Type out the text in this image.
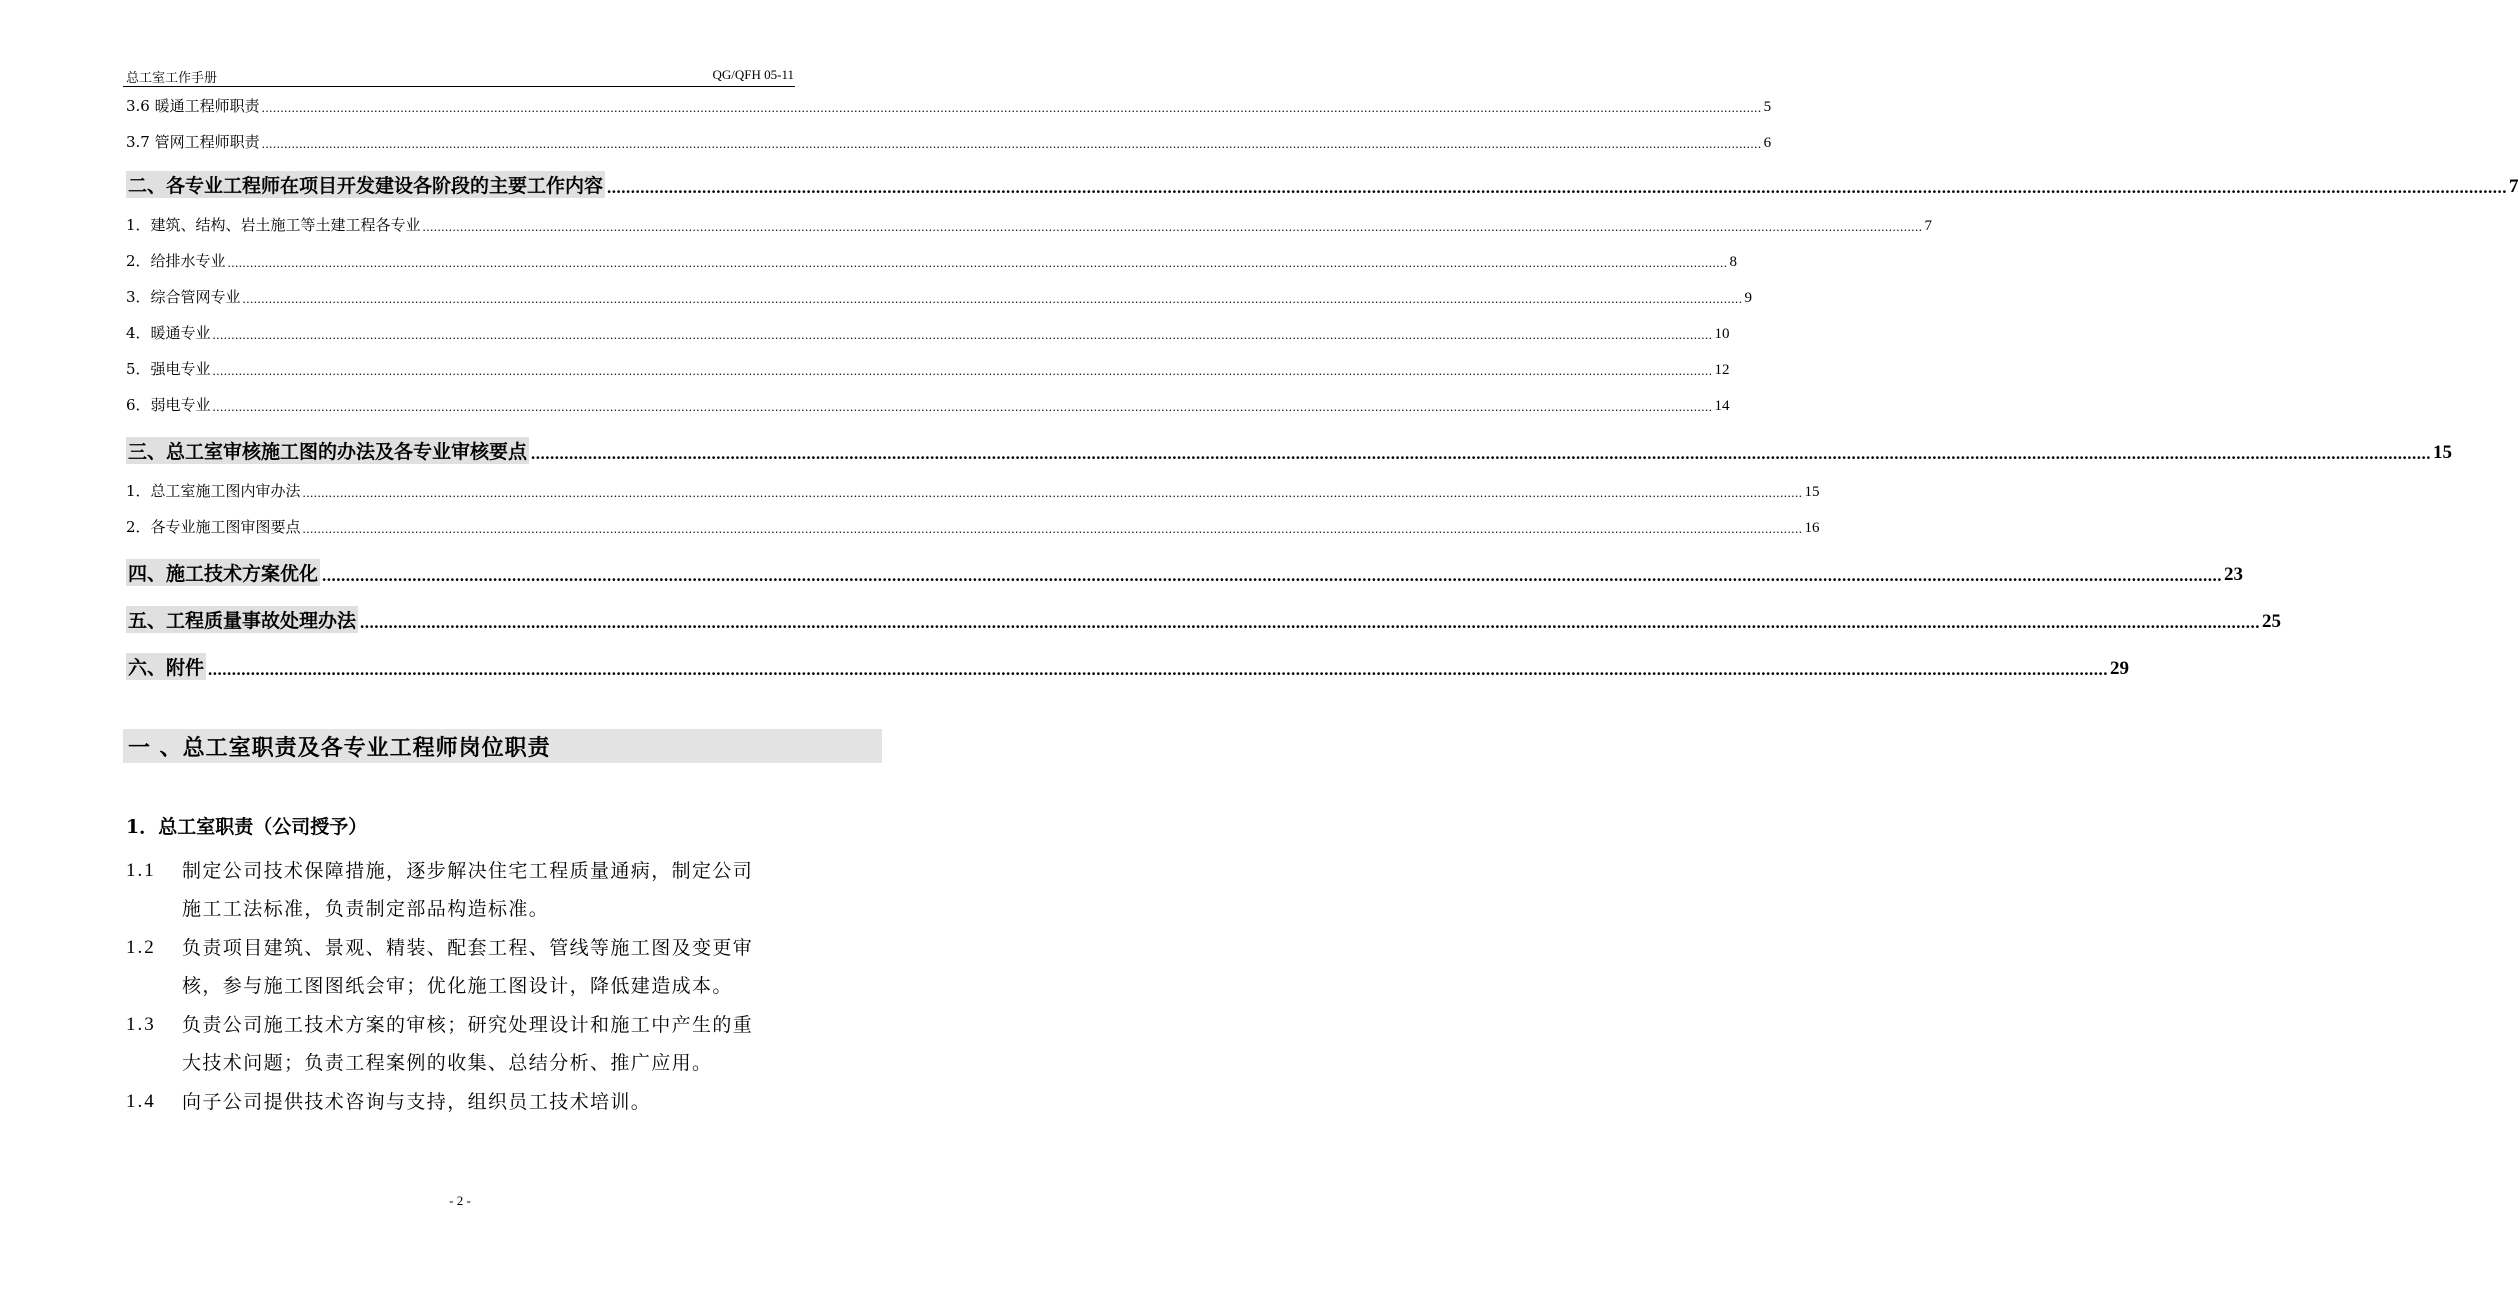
总工室工作手册	QG/QFH 05-11
3.6 暖通工程师职责 ................................................................................................................................................................................................................................................................................................................................................................................................................ 5
3.7 管网工程师职责 ................................................................................................................................................................................................................................................................................................................................................................................................................ 6
二、各专业工程师在项目开发建设各阶段的主要工作内容 ................................................................................................................................................................................................................................................................................................................................................................................................................ 7
1．建筑、结构、岩土施工等土建工程各专业 ................................................................................................................................................................................................................................................................................................................................................................................................................ 7
2．给排水专业 ................................................................................................................................................................................................................................................................................................................................................................................................................ 8
3．综合管网专业 ................................................................................................................................................................................................................................................................................................................................................................................................................ 9
4．暖通专业 ................................................................................................................................................................................................................................................................................................................................................................................................................ 10
5．强电专业 ................................................................................................................................................................................................................................................................................................................................................................................................................ 12
6．弱电专业 ................................................................................................................................................................................................................................................................................................................................................................................................................ 14
三、总工室审核施工图的办法及各专业审核要点 ................................................................................................................................................................................................................................................................................................................................................................................................................ 15
1．总工室施工图内审办法 ................................................................................................................................................................................................................................................................................................................................................................................................................ 15
2．各专业施工图审图要点 ................................................................................................................................................................................................................................................................................................................................................................................................................ 16
四、施工技术方案优化 ................................................................................................................................................................................................................................................................................................................................................................................................................ 23
五、工程质量事故处理办法 ................................................................................................................................................................................................................................................................................................................................................................................................................ 25
六、附件 ................................................................................................................................................................................................................................................................................................................................................................................................................ 29
一 、总工室职责及各专业工程师岗位职责
1．总工室职责（公司授予）
1.1	制定公司技术保障措施，逐步解决住宅工程质量通病，制定公司
施工工法标准，负责制定部品构造标准。
1.2	负责项目建筑、景观、精装、配套工程、管线等施工图及变更审
核，参与施工图图纸会审；优化施工图设计，降低建造成本。
1.3	负责公司施工技术方案的审核；研究处理设计和施工中产生的重
大技术问题；负责工程案例的收集、总结分析、推广应用。
1.4	向子公司提供技术咨询与支持，组织员工技术培训。
- 2 -
